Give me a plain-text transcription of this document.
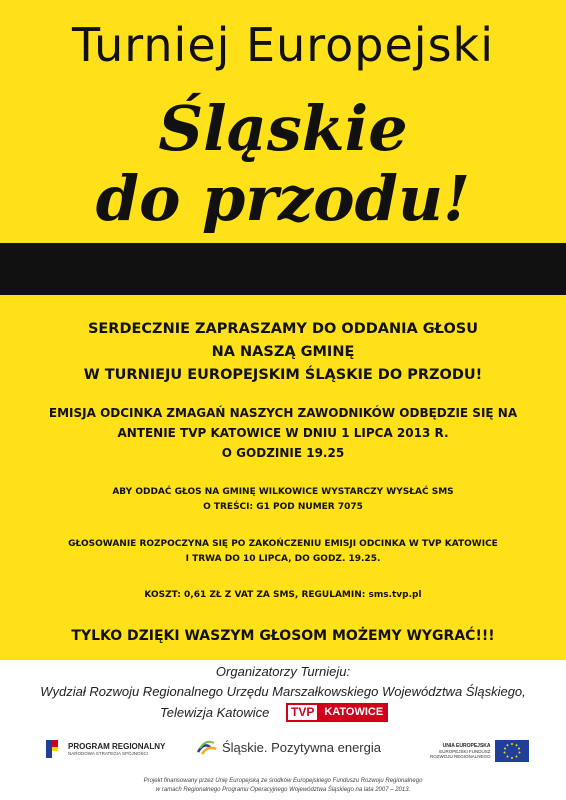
Turniej Europejski
Śląskie
do przodu!
SERDECZNIE ZAPRASZAMY DO ODDANIA GŁOSU
NA NASZĄ GMINĘ
W TURNIEJU EUROPEJSKIM ŚLĄSKIE DO PRZODU!
EMISJA ODCINKA ZMAGAŃ NASZYCH ZAWODNIKÓW ODBĘDZIE SIĘ NA
ANTENIE TVP KATOWICE W DNIU 1 LIPCA 2013 R.
O GODZINIE 19.25
ABY ODDAĆ GŁOS NA GMINĘ WILKOWICE WYSTARCZY WYSŁAĆ SMS
O TREŚCI: G1 POD NUMER 7075
GŁOSOWANIE ROZPOCZYNA SIĘ PO ZAKOŃCZENIU EMISJI ODCINKA W TVP KATOWICE
I TRWA DO 10 LIPCA, DO GODZ. 19.25.
KOSZT: 0,61 ZŁ Z VAT ZA SMS, REGULAMIN: sms.tvp.pl
TYLKO DZIĘKI WASZYM GŁOSOM MOŻEMY WYGRAĆ!!!
Organizatorzy Turnieju:
Wydział Rozwoju Regionalnego Urzędu Marszałkowskiego Województwa Śląskiego,
Telewizja Katowice	TVP KATOWICE
PROGRAM REGIONALNY
NARODOWA STRATEGIA SPÓJNOŚCI	Śląskie. Pozytywna energia	UNIA EUROPEJSKA
EUROPEJSKI FUNDUSZ
ROZWOJU REGIONALNEGO
Projekt finansowany przez Unię Europejską ze środków Europejskiego Funduszu Rozwoju Regionalnego
w ramach Regionalnego Programu Operacyjnego Województwa Śląskiego na lata 2007 – 2013.
